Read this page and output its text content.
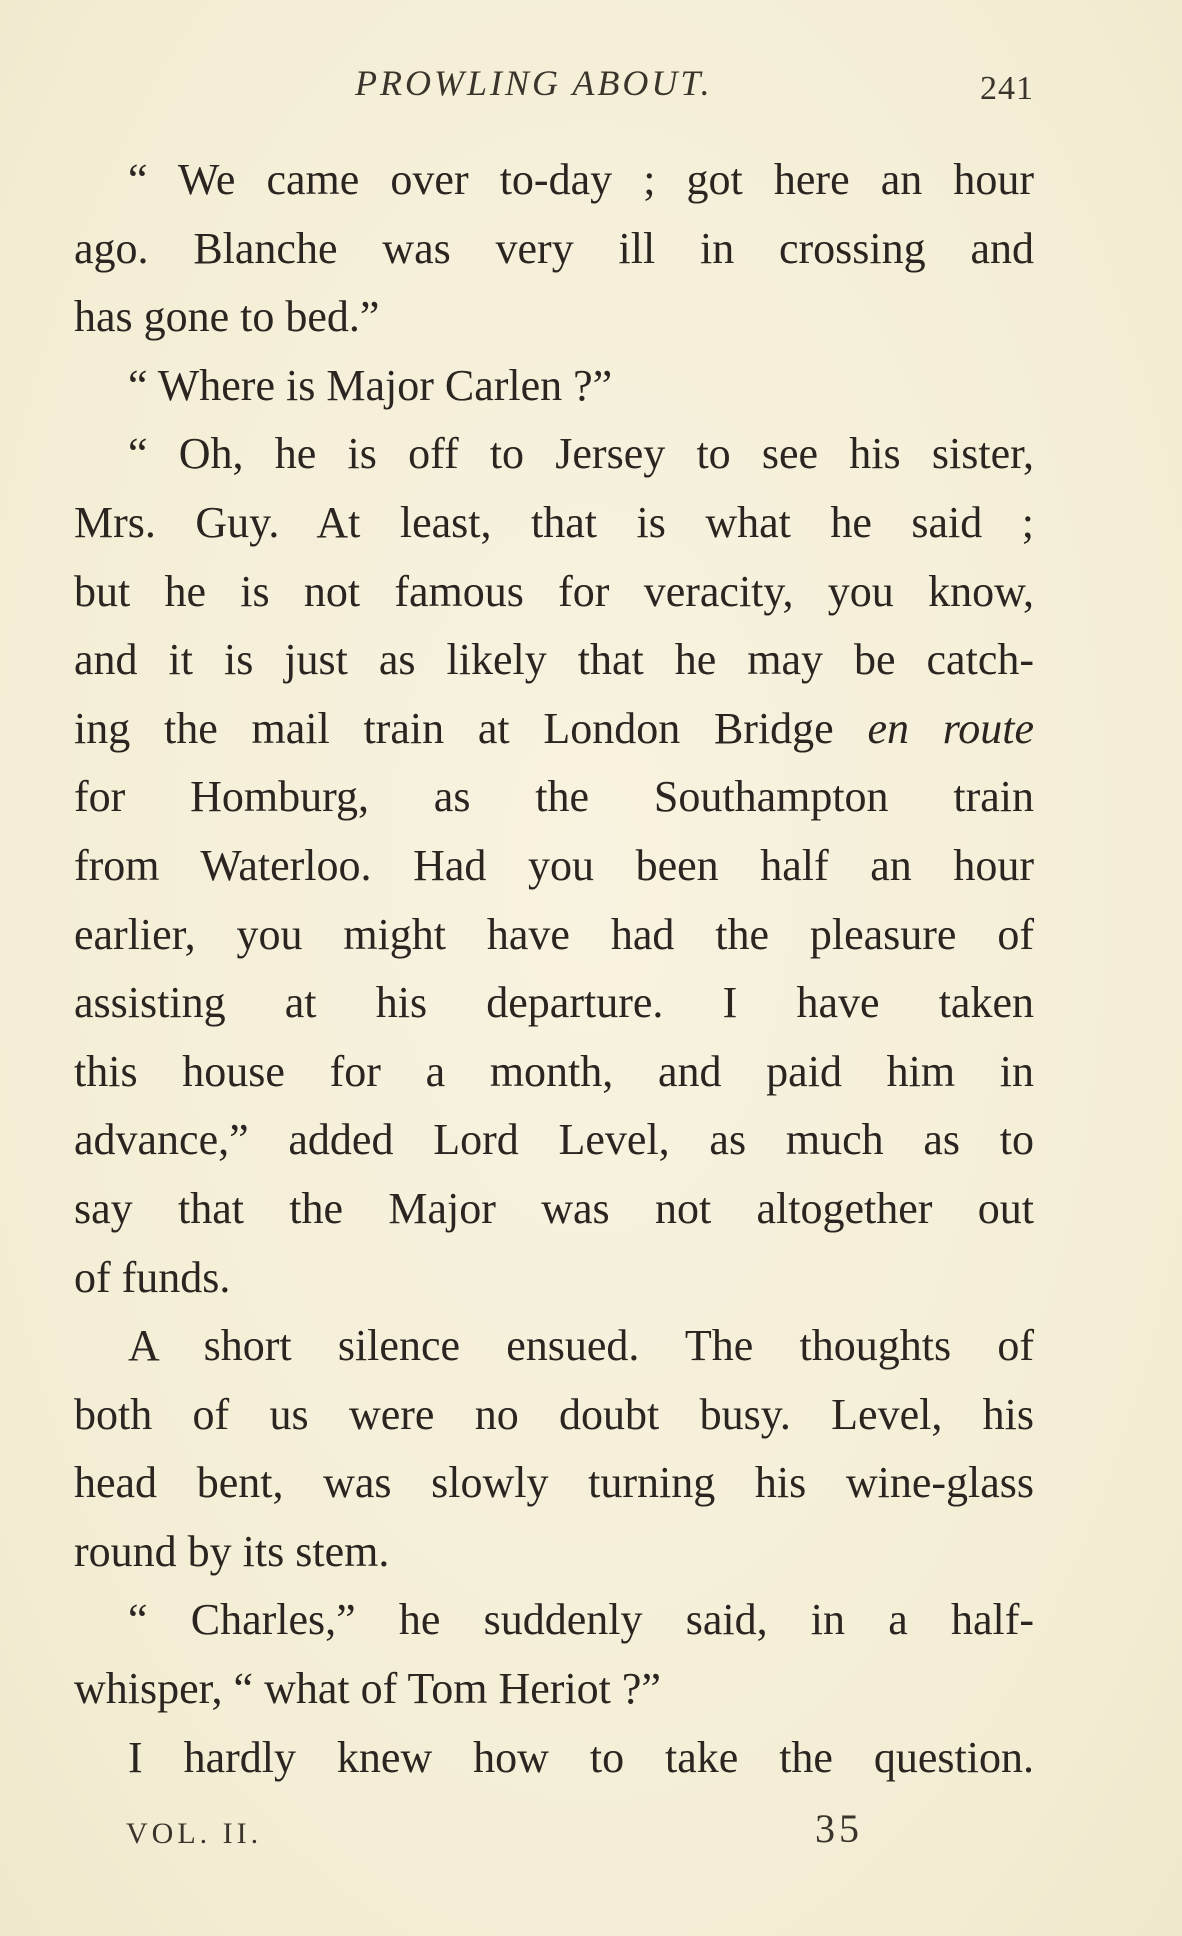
PROWLING ABOUT.	241
“ We came over to-day ; got here an hour
ago. Blanche was very ill in crossing and
has gone to bed.”
“ Where is Major Carlen ?”
“ Oh, he is off to Jersey to see his sister,
Mrs. Guy. At least, that is what he said ;
but he is not famous for veracity, you know,
and it is just as likely that he may be catch-
ing the mail train at London Bridge en route
for Homburg, as the Southampton train
from Waterloo. Had you been half an hour
earlier, you might have had the pleasure of
assisting at his departure. I have taken
this house for a month, and paid him in
advance,” added Lord Level, as much as to
say that the Major was not altogether out
of funds.
A short silence ensued. The thoughts of
both of us were no doubt busy. Level, his
head bent, was slowly turning his wine-glass
round by its stem.
“ Charles,” he suddenly said, in a half-
whisper, “ what of Tom Heriot ?”
I hardly knew how to take the question.
VOL. II.	35
